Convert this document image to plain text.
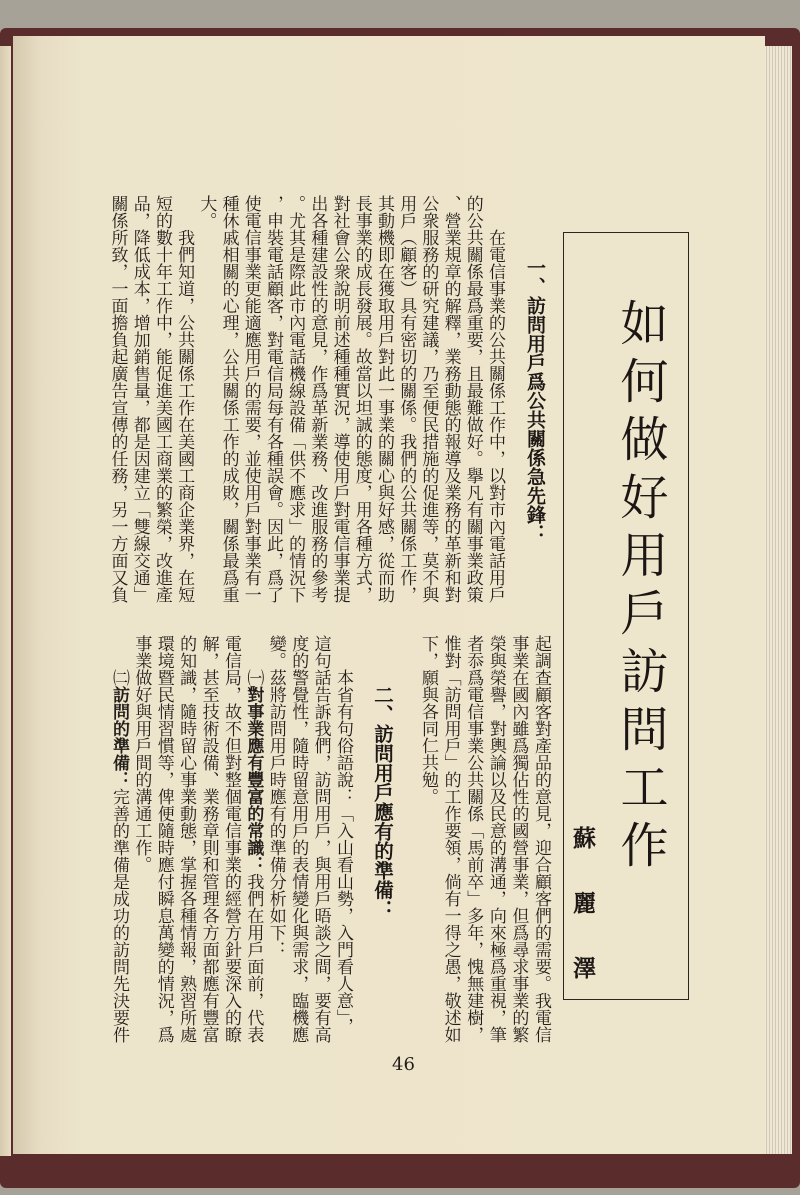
如何做好用戶訪問工作
蘇麗澤
一、訪問用戶爲公共關係急先鋒：
在電信事業的公共關係工作中，以對市內電話用戶
的公共關係最爲重要，且最難做好。擧凡有關事業政策
、營業規章的解釋，業務動態的報導及業務的革新和對
公衆服務的研究建議，乃至便民措施的促進等，莫不與
用戶（顧客）具有密切的關係。我們的公共關係工作，
其動機即在獲取用戶對此一事業的關心與好感，從而助
長事業的成長發展。故當以坦誠的態度，用各種方式，
對社會公衆說明前述種種實況，導使用戶對電信事業提
出各種建設性的意見，作爲革新業務、改進服務的參考
。尤其是際此市內電話機線設備「供不應求」的情況下
，申裝電話顧客，對電信局每有各種誤會。因此，爲了
使電信事業更能適應用戶的需要，並使用戶對事業有一
種休戚相關的心理，公共關係工作的成敗，關係最爲重
大。
我們知道，公共關係工作在美國工商企業界，在短
短的數十年工作中，能促進美國工商業的繁榮，改進產
品，降低成本，增加銷售量，都是因建立「雙線交通」
關係所致，一面擔負起廣告宣傳的任務，另一方面又負
起調查顧客對產品的意見，迎合顧客們的需要。我電信
事業在國內雖爲獨佔性的國營事業，但爲尋求事業的繁
榮與榮譽，對輿論以及民意的溝通，向來極爲重視，筆
者忝爲電信事業公共關係「馬前卒」多年，愧無建樹，
惟對「訪問用戶」的工作要領，倘有一得之愚，敬述如
下，願與各同仁共勉。
二、訪問用戶應有的準備：
本省有句俗語說：「入山看山勢，入門看人意」，
這句話告訴我們，訪問用戶，與用戶晤談之間，要有高
度的警覺性，隨時留意用戶的表情變化與需求，臨機應
變。茲將訪問用戶時應有的準備分析如下：
㈠對事業應有豐富的常識：我們在用戶面前，代表
電信局，故不但對整個電信事業的經營方針要深入的瞭
解，甚至技術設備、業務章則和管理各方面都應有豐富
的知識，隨時留心事業動態，掌握各種情報，熟習所處
環境暨民情習慣等，俾便隨時應付瞬息萬變的情況，爲
事業做好與用戶間的溝通工作。
㈡訪問的準備：完善的準備是成功的訪問先決要件
46
